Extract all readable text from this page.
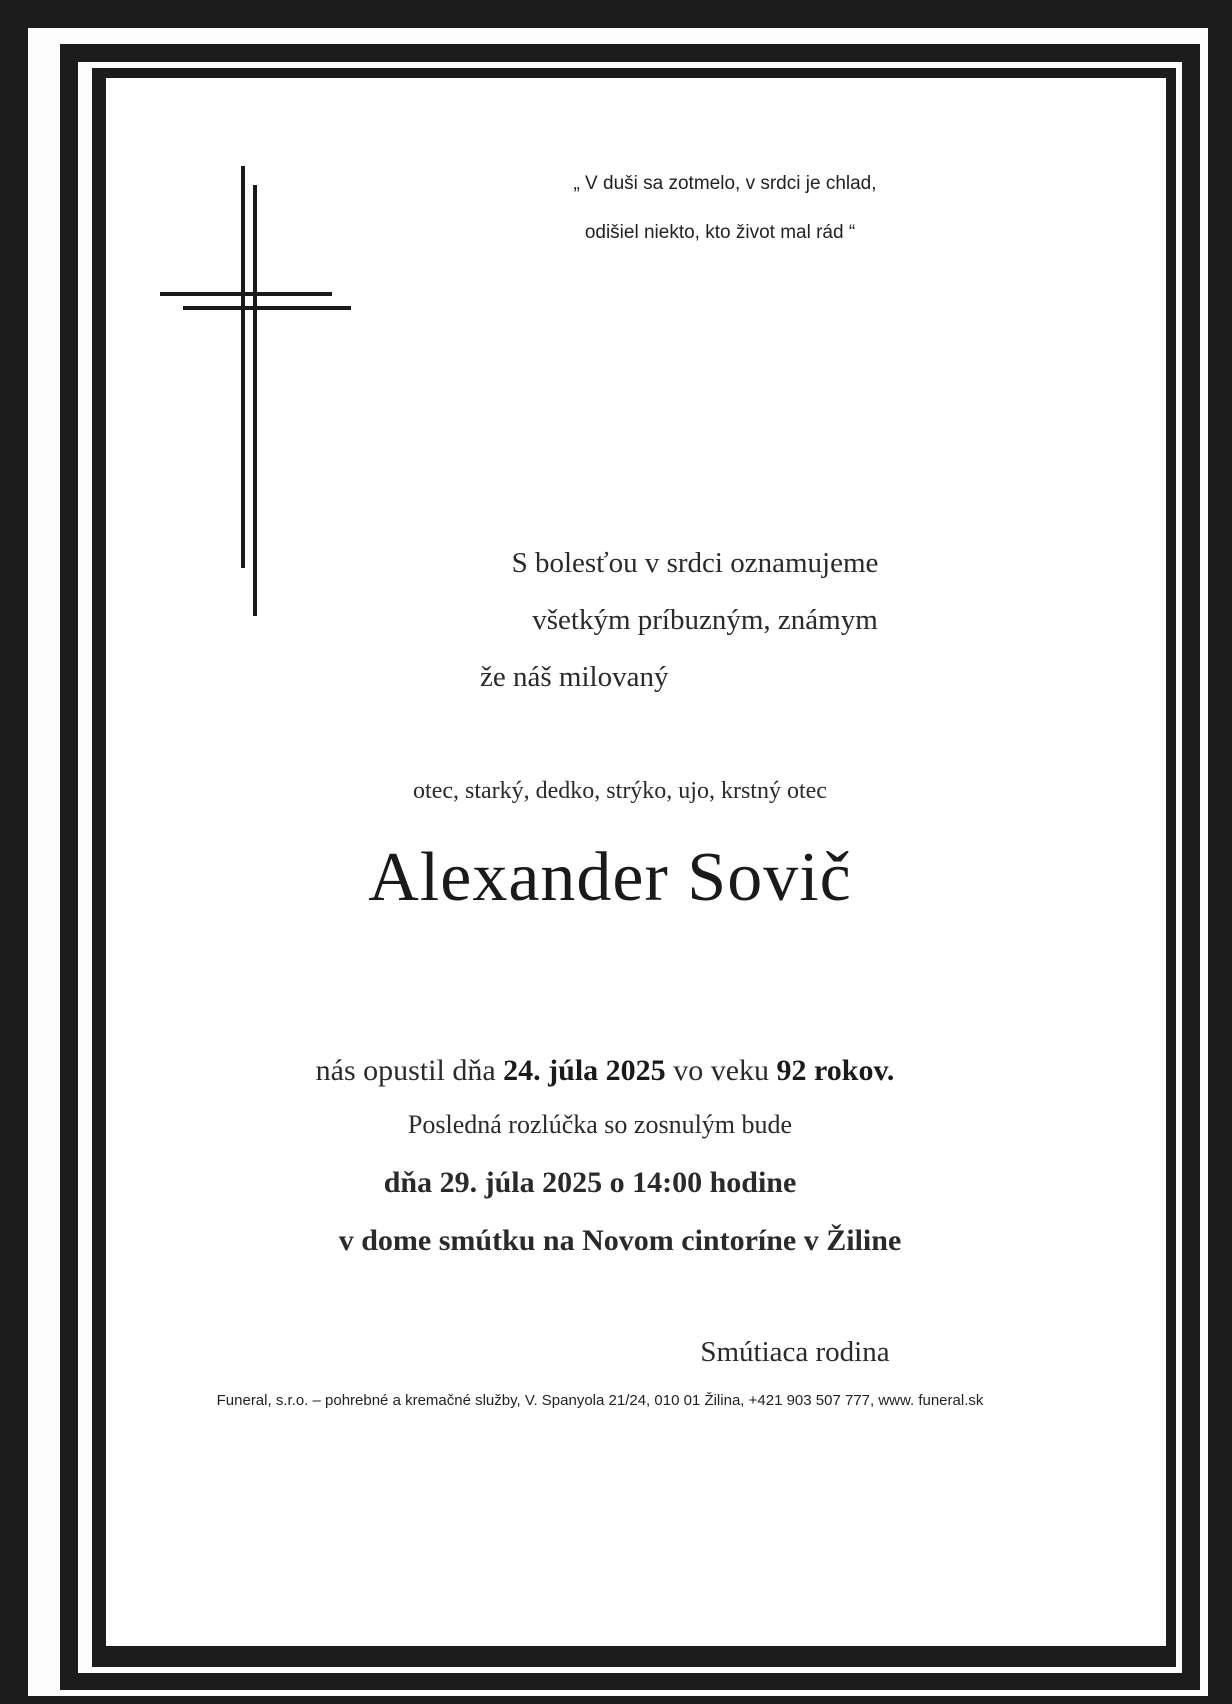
„ V duši sa zotmelo, v srdci je chlad,
odišiel niekto, kto život mal rád “
S bolesťou v srdci oznamujeme
všetkým príbuzným, známym
že náš milovaný
otec, starký, dedko, strýko, ujo, krstný otec
Alexander Sovič
nás opustil dňa 24. júla 2025 vo veku 92 rokov.
Posledná rozlúčka so zosnulým bude
dňa 29. júla 2025 o 14:00 hodine
v dome smútku na Novom cintoríne v Žiline
Smútiaca rodina
Funeral, s.r.o. – pohrebné a kremačné služby, V. Spanyola 21/24, 010 01 Žilina, +421 903 507 777, www. funeral.sk
